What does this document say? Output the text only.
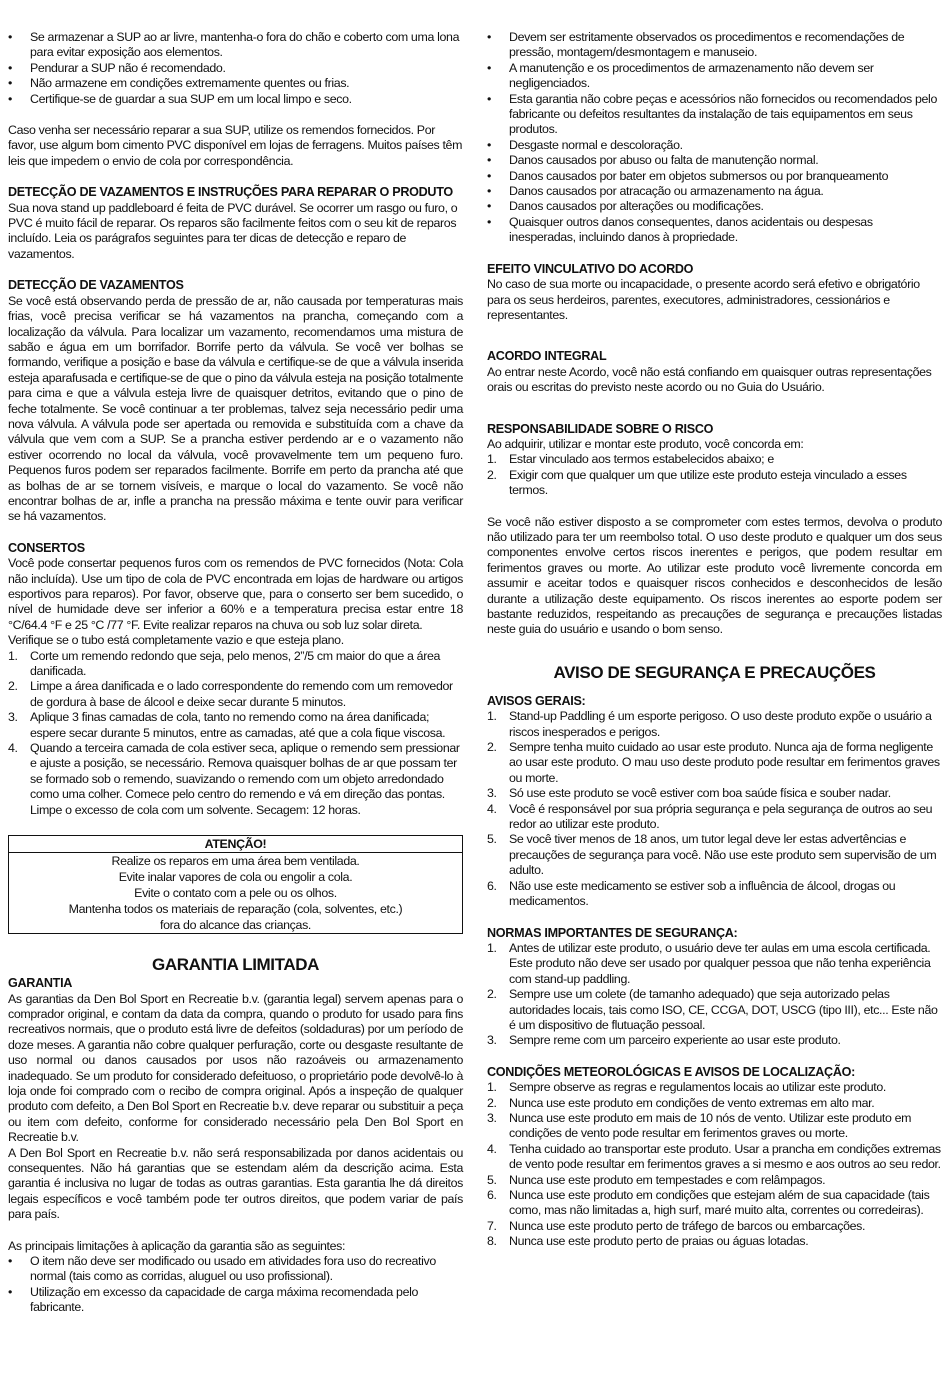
• Se armazenar a SUP ao ar livre, mantenha-o fora do chão e coberto com uma lona para evitar exposição aos elementos.
• Pendurar a SUP não é recomendado.
• Não armazene em condições extremamente quentes ou frias.
• Certifique-se de guardar a sua SUP em um local limpo e seco.

Caso venha ser necessário reparar a sua SUP, utilize os remendos fornecidos. Por favor, use algum bom cimento PVC disponível em lojas de ferragens. Muitos países têm leis que impedem o envio de cola por correspondência.

DETECÇÃO DE VAZAMENTOS E INSTRUÇÕES PARA REPARAR O PRODUTO

Sua nova stand up paddleboard é feita de PVC durável. Se ocorrer um rasgo ou furo, o PVC é muito fácil de reparar. Os reparos são facilmente feitos com o seu kit de reparos incluído. Leia os parágrafos seguintes para ter dicas de detecção e reparo de vazamentos.

DETECÇÃO DE VAZAMENTOS

Se você está observando perda de pressão de ar, não causada por temperaturas mais frias, você precisa verificar se há vazamentos na prancha, começando com a localização da válvula. Para localizar um vazamento, recomendamos uma mistura de sabão e água em um borrifador. Borrife perto da válvula. Se você ver bolhas se formando, verifique a posição e base da válvula e certifique-se de que a válvula inserida esteja aparafusada e certifique-se de que o pino da válvula esteja na posição totalmente para cima e que a válvula esteja livre de quaisquer detritos, evitando que o pino de feche totalmente. Se você continuar a ter problemas, talvez seja necessário pedir uma nova válvula. A válvula pode ser apertada ou removida e substituída com a chave da válvula que vem com a SUP. Se a prancha estiver perdendo ar e o vazamento não estiver ocorrendo no local da válvula, você provavelmente tem um pequeno furo. Pequenos furos podem ser reparados facilmente. Borrife em perto da prancha até que as bolhas de ar se tornem visíveis, e marque o local do vazamento. Se você não encontrar bolhas de ar, infle a prancha na pressão máxima e tente ouvir para verificar se há vazamentos.

CONSERTOS

Você pode consertar pequenos furos com os remendos de PVC fornecidos (Nota: Cola não incluída). Use um tipo de cola de PVC encontrada em lojas de hardware ou artigos esportivos para reparos). Por favor, observe que, para o conserto ser bem sucedido, o nível de humidade deve ser inferior a 60% e a temperatura precisa estar entre 18 °C/64.4 °F e 25 °C /77 °F. Evite realizar reparos na chuva ou sob luz solar direta.

Verifique se o tubo está completamente vazio e que esteja plano.

1. Corte um remendo redondo que seja, pelo menos, 2”/5 cm maior do que a área danificada.
2. Limpe a área danificada e o lado correspondente do remendo com um removedor de gordura à base de álcool e deixe secar durante 5 minutos.
3. Aplique 3 finas camadas de cola, tanto no remendo como na área danificada; espere secar durante 5 minutos, entre as camadas, até que a cola fique viscosa.
4. Quando a terceira camada de cola estiver seca, aplique o remendo sem pressionar e ajuste a posição, se necessário. Remova quaisquer bolhas de ar que possam ter se formado sob o remendo, suavizando o remendo com um objeto arredondado como uma colher. Comece pelo centro do remendo e vá em direção das pontas. Limpe o excesso de cola com um solvente. Secagem: 12 horas.
ATENÇÃO!
Realize os reparos em uma área bem ventilada.
Evite inalar vapores de cola ou engolir a cola.
Evite o contato com a pele ou os olhos.
Mantenha todos os materiais de reparação (cola, solventes, etc.)
fora do alcance das crianças.
GARANTIA LIMITADA
GARANTIA

As garantias da Den Bol Sport en Recreatie b.v. (garantia legal) servem apenas para o comprador original, e contam da data da compra, quando o produto for usado para fins recreativos normais, que o produto está livre de defeitos (soldaduras) por um período de doze meses. A garantia não cobre qualquer perfuração, corte ou desgaste resultante de uso normal ou danos causados por usos não razoáveis ou armazenamento inadequado. Se um produto for considerado defeituoso, o proprietário pode devolvê-lo à loja onde foi comprado com o recibo de compra original. Após a inspeção de qualquer produto com defeito, a Den Bol Sport en Recreatie b.v. deve reparar ou substituir a peça ou item com defeito, conforme for considerado necessário pela Den Bol Sport en Recreatie b.v.

A Den Bol Sport en Recreatie b.v. não será responsabilizada por danos acidentais ou consequentes. Não há garantias que se estendam além da descrição acima. Esta garantia é inclusiva no lugar de todas as outras garantias. Esta garantia lhe dá direitos legais específicos e você também pode ter outros direitos, que podem variar de país para país.

As principais limitações à aplicação da garantia são as seguintes:

• O item não deve ser modificado ou usado em atividades fora uso do recreativo normal (tais como as corridas, aluguel ou uso profissional).
• Utilização em excesso da capacidade de carga máxima recomendada pelo fabricante.
• Devem ser estritamente observados os procedimentos e recomendações de pressão, montagem/desmontagem e manuseio.
• A manutenção e os procedimentos de armazenamento não devem ser negligenciados.
• Esta garantia não cobre peças e acessórios não fornecidos ou recomendados pelo fabricante ou defeitos resultantes da instalação de tais equipamentos em seus produtos.
• Desgaste normal e descoloração.
• Danos causados por abuso ou falta de manutenção normal.
• Danos causados por bater em objetos submersos ou por branqueamento
• Danos causados por atracação ou armazenamento na água.
• Danos causados por alterações ou modificações.
• Quaisquer outros danos consequentes, danos acidentais ou despesas inesperadas, incluindo danos à propriedade.
EFEITO VINCULATIVO DO ACORDO

No caso de sua morte ou incapacidade, o presente acordo será efetivo e obrigatório para os seus herdeiros, parentes, executores, administradores, cessionários e representantes.

ACORDO INTEGRAL

Ao entrar neste Acordo, você não está confiando em quaisquer outras representações orais ou escritas do previsto neste acordo ou no Guia do Usuário.

RESPONSABILIDADE SOBRE O RISCO

Ao adquirir, utilizar e montar este produto, você concorda em:

1. Estar vinculado aos termos estabelecidos abaixo; e
2. Exigir com que qualquer um que utilize este produto esteja vinculado a esses termos.

Se você não estiver disposto a se comprometer com estes termos, devolva o produto não utilizado para ter um reembolso total. O uso deste produto e qualquer um dos seus componentes envolve certos riscos inerentes e perigos, que podem resultar em ferimentos graves ou morte. Ao utilizar este produto você livremente concorda em assumir e aceitar todos e quaisquer riscos conhecidos e desconhecidos de lesão durante a utilização deste equipamento. Os riscos inerentes ao esporte podem ser bastante reduzidos, respeitando as precauções de segurança e precauções listadas neste guia do usuário e usando o bom senso.

AVISO DE SEGURANÇA E PRECAUÇÕES
AVISOS GERAIS:
1. Stand-up Paddling é um esporte perigoso. O uso deste produto expõe o usuário a riscos inesperados e perigos.
2. Sempre tenha muito cuidado ao usar este produto. Nunca aja de forma negligente ao usar este produto. O mau uso deste produto pode resultar em ferimentos graves ou morte.
3. Só use este produto se você estiver com boa saúde física e souber nadar.
4. Você é responsável por sua própria segurança e pela segurança de outros ao seu redor ao utilizar este produto.
5. Se você tiver menos de 18 anos, um tutor legal deve ler estas advertências e precauções de segurança para você. Não use este produto sem supervisão de um adulto.
6. Não use este medicamento se estiver sob a influência de álcool, drogas ou medicamentos.
NORMAS IMPORTANTES DE SEGURANÇA:
1. Antes de utilizar este produto, o usuário deve ter aulas em uma escola certificada. Este produto não deve ser usado por qualquer pessoa que não tenha experiência com stand-up paddling.
2. Sempre use um colete (de tamanho adequado) que seja autorizado pelas autoridades locais, tais como ISO, CE, CCGA, DOT, USCG (tipo III), etc... Este não é um dispositivo de flutuação pessoal.
3. Sempre reme com um parceiro experiente ao usar este produto.
CONDIÇÕES METEOROLÓGICAS E AVISOS DE LOCALIZAÇÃO:
1. Sempre observe as regras e regulamentos locais ao utilizar este produto.
2. Nunca use este produto em condições de vento extremas em alto mar.
3. Nunca use este produto em mais de 10 nós de vento. Utilizar este produto em condições de vento pode resultar em ferimentos graves ou morte.
4. Tenha cuidado ao transportar este produto. Usar a prancha em condições extremas de vento pode resultar em ferimentos graves a si mesmo e aos outros ao seu redor.
5. Nunca use este produto em tempestades e com relâmpagos.
6. Nunca use este produto em condições que estejam além de sua capacidade (tais como, mas não limitadas a, high surf, maré muito alta, correntes ou corredeiras).
7. Nunca use este produto perto de tráfego de barcos ou embarcações.
8. Nunca use este produto perto de praias ou águas lotadas.
